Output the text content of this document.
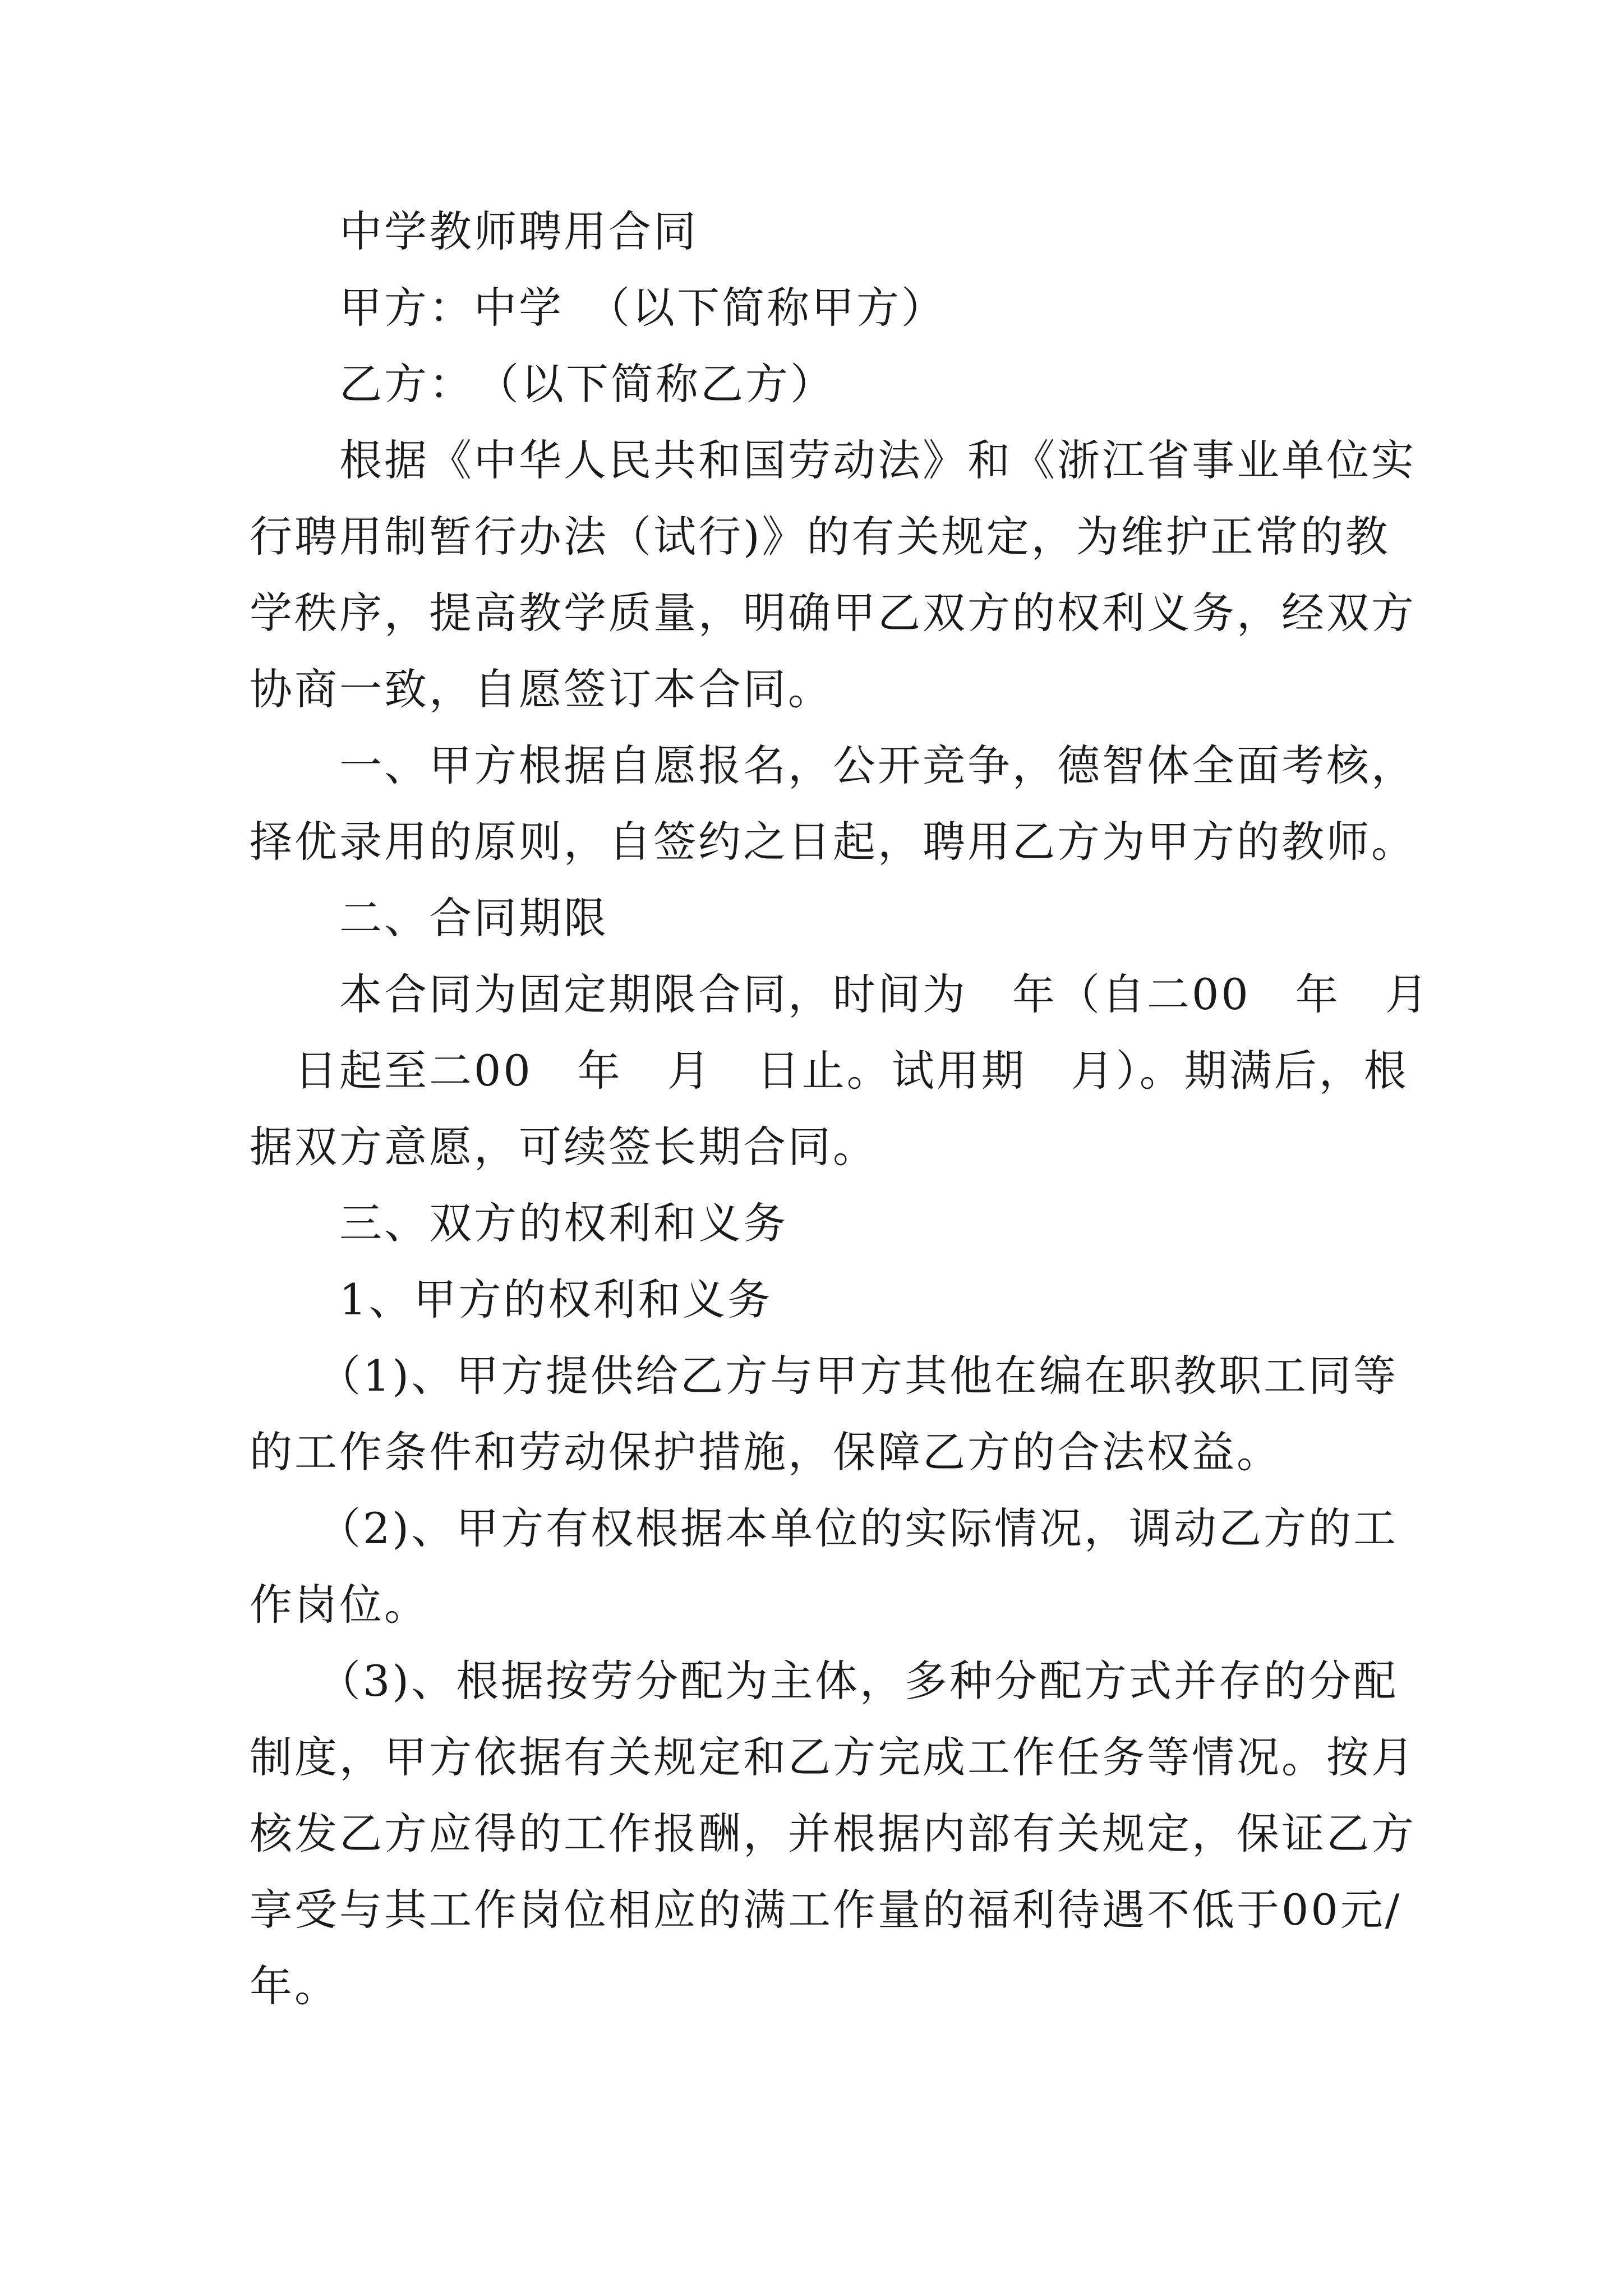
　　中学教师聘用合同
　　甲方：中学　（以下简称甲方）
　　乙方：　（以下简称乙方）
　　根据《中华人民共和国劳动法》和《浙江省事业单位实
行聘用制暂行办法（试行)》的有关规定，为维护正常的教
学秩序，提高教学质量，明确甲乙双方的权利义务，经双方
协商一致，自愿签订本合同。
　　一、甲方根据自愿报名，公开竞争，德智体全面考核，
择优录用的原则，自签约之日起，聘用乙方为甲方的教师。
　　二、合同期限
　　本合同为固定期限合同，时间为　年（自二00　年　月
　日起至二00　年　月　日止。试用期　月）。期满后，根
据双方意愿，可续签长期合同。
　　三、双方的权利和义务
　　1、甲方的权利和义务
　　（1)、甲方提供给乙方与甲方其他在编在职教职工同等
的工作条件和劳动保护措施，保障乙方的合法权益。
　　（2)、甲方有权根据本单位的实际情况，调动乙方的工
作岗位。
　　（3)、根据按劳分配为主体，多种分配方式并存的分配
制度，甲方依据有关规定和乙方完成工作任务等情况。按月
核发乙方应得的工作报酬，并根据内部有关规定，保证乙方
享受与其工作岗位相应的满工作量的福利待遇不低于00元/
年。
